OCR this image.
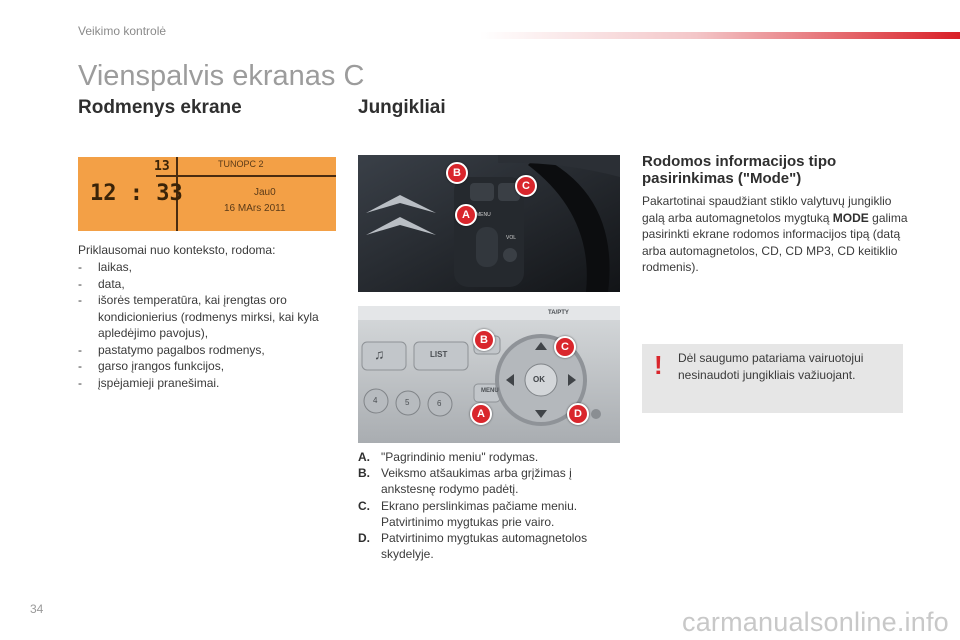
Veikimo kontrolė
Vienspalvis ekranas C
Rodmenys ekrane	Jungikliai
13	TUNOPC 2
12 : 33	Jau0
16 MArs 2011
Priklausomai nuo konteksto, rodoma:
- laikas,
- data,
- išorės temperatūra, kai įrengtas oro kondicionierius (rodmenys mirksi, kai kyla apledėjimo pavojus),
- pastatymo pagalbos rodmenys,
- garso įrangos funkcijos,
- įspėjamieji pranešimai.
B
C
A	MENU
VOL
♫	LIST
MENU
OK
TA/PTY
4	5	6
B
C
A	D
A. "Pagrindinio meniu" rodymas.
B. Veiksmo atšaukimas arba grįžimas į ankstesnę rodymo padėtį.
C. Ekrano perslinkimas pačiame meniu. Patvirtinimo mygtukas prie vairo.
D. Patvirtinimo mygtukas automagnetolos skydelyje.
Rodomos informacijos tipo pasirinkimas ("Mode")
Pakartotinai spaudžiant stiklo valytuvų jungiklio galą arba automagnetolos mygtuką MODE galima pasirinkti ekrane rodomos informacijos tipą (datą arba automagnetolos, CD, CD MP3, CD keitiklio rodmenis).
! Dėl saugumo patariama vairuotojui nesinaudoti jungikliais važiuojant.
34	carmanualsonline.info
